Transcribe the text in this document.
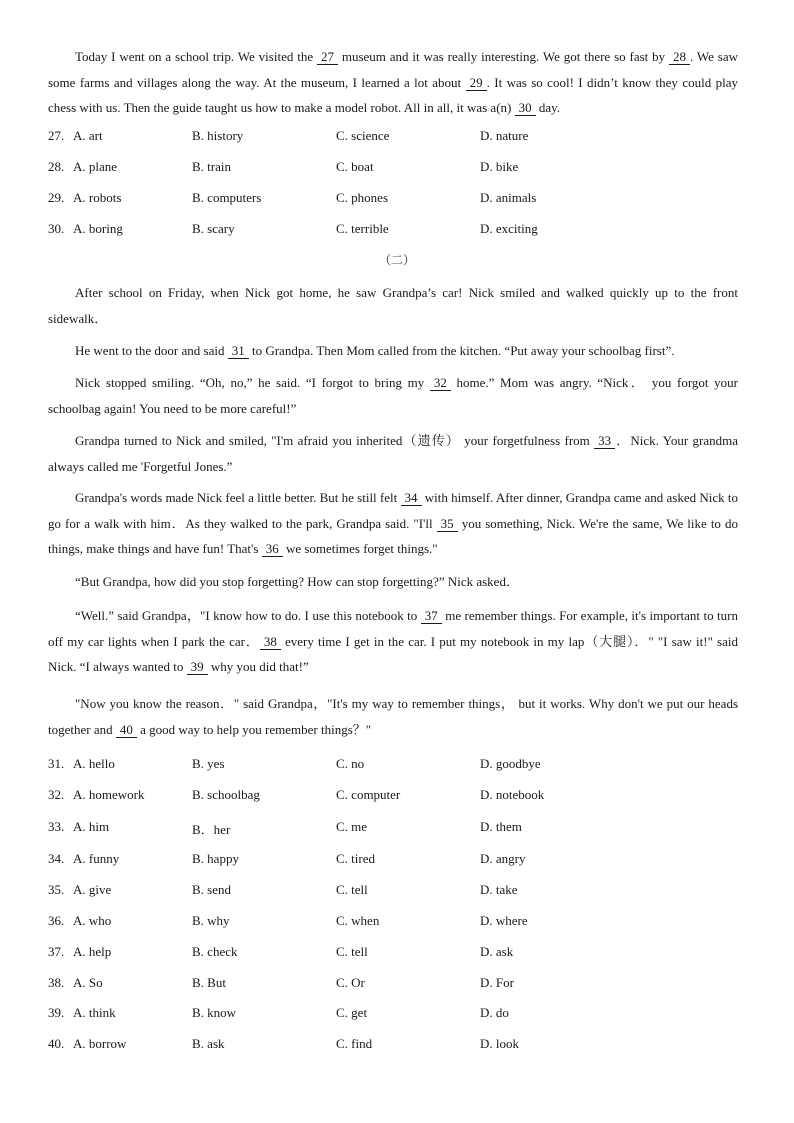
Today I went on a school trip. We visited the 27 museum and it was really interesting. We got there so fast by 28 . We saw some farms and villages along the way. At the museum, I learned a lot about 29 . It was so cool! I didn’t know they could play chess with us. Then the guide taught us how to make a model robot. All in all, it was a(n) 30 day.

27. A. art	B. history	C. science	D. nature
28. A. plane	B. train	C. boat	D. bike
29. A. robots	B. computers	C. phones	D. animals
30. A. boring	B. scary	C. terrible	D. exciting
（二）

After school on Friday, when Nick got home, he saw Grandpa’s car! Nick smiled and walked quickly up to the front sidewalk．

He went to the door and said 31 to Grandpa. Then Mom called from the kitchen. “Put away your schoolbag first”.

Nick stopped smiling. “Oh, no,” he said. “I forgot to bring my 32 home.” Mom was angry. “Nick． you forgot your schoolbag again! You need to be more careful!”

Grandpa turned to Nick and smiled, "I'm afraid you inherited（遗传） your forgetfulness from 33 ．Nick. Your grandma always called me 'Forgetful Jones.”

Grandpa's words made Nick feel a little better. But he still felt 34 with himself. After dinner, Grandpa came and asked Nick to go for a walk with him．As they walked to the park, Grandpa said. "I'll 35 you something, Nick. We're the same, We like to do things, make things and have fun! That's 36 we sometimes forget things."

“But Grandpa, how did you stop forgetting? How can stop forgetting?” Nick asked．

“Well.” said Grandpa，"I know how to do. I use this notebook to 37 me remember things. For example, it's important to turn off my car lights when I park the car． 38 every time I get in the car. I put my notebook in my lap（大腿）．" "I saw it!" said Nick. “I always wanted to 39 why you did that!”

"Now you know the reason．" said Grandpa，"It's my way to remember things， but it works. Why don't we put our heads together and 40 a good way to help you remember things？"

31. A. hello	B. yes	C. no	D. goodbye
32. A. homework	B. schoolbag	C. computer	D. notebook
33. A. him	B．her	C. me	D. them
34. A. funny	B. happy	C. tired	D. angry
35. A. give	B. send	C. tell	D. take
36. A. who	B. why	C. when	D. where
37. A. help	B. check	C. tell	D. ask
38. A. So	B. But	C. Or	D. For
39. A. think	B. know	C. get	D. do
40. A. borrow	B. ask	C. find	D. look
